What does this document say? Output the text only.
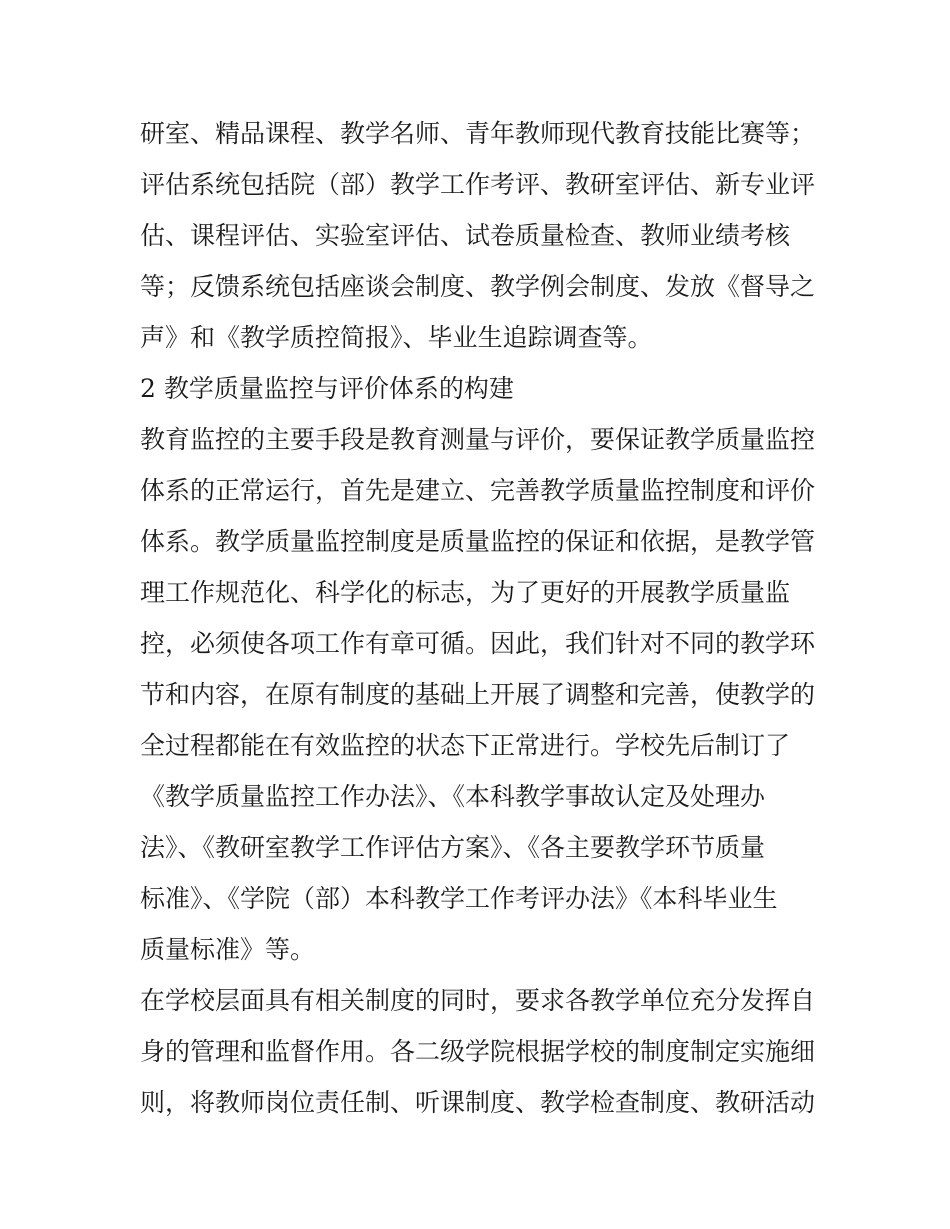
研室、精品课程、教学名师、青年教师现代教育技能比赛等；
评估系统包括院（部）教学工作考评、教研室评估、新专业评
估、课程评估、实验室评估、试卷质量检查、教师业绩考核
等；反馈系统包括座谈会制度、教学例会制度、发放《督导之
声》和《教学质控简报》、毕业生追踪调查等。
2 教学质量监控与评价体系的构建
教育监控的主要手段是教育测量与评价，要保证教学质量监控
体系的正常运行，首先是建立、完善教学质量监控制度和评价
体系。教学质量监控制度是质量监控的保证和依据，是教学管
理工作规范化、科学化的标志，为了更好的开展教学质量监
控，必须使各项工作有章可循。因此，我们针对不同的教学环
节和内容，在原有制度的基础上开展了调整和完善，使教学的
全过程都能在有效监控的状态下正常进行。学校先后制订了
《教学质量监控工作办法》、《本科教学事故认定及处理办
法》、《教研室教学工作评估方案》、《各主要教学环节质量
标准》、《学院（部）本科教学工作考评办法》《本科毕业生
质量标准》等。
在学校层面具有相关制度的同时，要求各教学单位充分发挥自
身的管理和监督作用。各二级学院根据学校的制度制定实施细
则，将教师岗位责任制、听课制度、教学检查制度、教研活动
